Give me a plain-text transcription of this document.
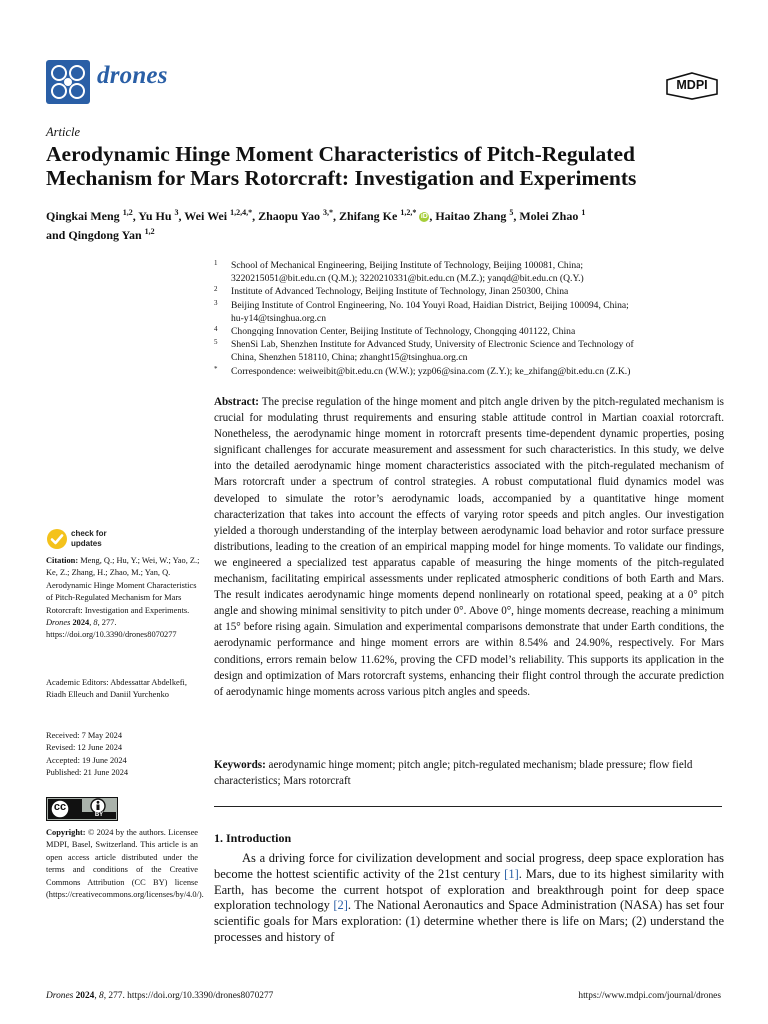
drones	MDPI
Article
Aerodynamic Hinge Moment Characteristics of Pitch-Regulated Mechanism for Mars Rotorcraft: Investigation and Experiments
Qingkai Meng $^{1,2}$, Yu Hu $^3$, Wei Wei $^{1,2,4,*}$, Zhaopu Yao $^{3,*}$, Zhifang Ke $^{1,2,*}$ iD , Haitao Zhang $^5$, Molei Zhao $^1$
and Qingdong Yan $^{1,2}$
1 School of Mechanical Engineering, Beijing Institute of Technology, Beijing 100081, China;
3220215051@bit.edu.cn (Q.M.); 3220210331@bit.edu.cn (M.Z.); yanqd@bit.edu.cn (Q.Y.)
2 Institute of Advanced Technology, Beijing Institute of Technology, Jinan 250300, China
3 Beijing Institute of Control Engineering, No. 104 Youyi Road, Haidian District, Beijing 100094, China;
hu-y14@tsinghua.org.cn
4 Chongqing Innovation Center, Beijing Institute of Technology, Chongqing 401122, China
5 ShenSi Lab, Shenzhen Institute for Advanced Study, University of Electronic Science and Technology of
China, Shenzhen 518110, China; zhanght15@tsinghua.org.cn
* Correspondence: weiweibit@bit.edu.cn (W.W.); yzp06@sina.com (Z.Y.); ke_zhifang@bit.edu.cn (Z.K.)
Abstract: The precise regulation of the hinge moment and pitch angle driven by the pitch-regulated mechanism is crucial for modulating thrust requirements and ensuring stable attitude control in Martian coaxial rotorcraft. Nonetheless, the aerodynamic hinge moment in rotorcraft presents time-dependent dynamic properties, posing significant challenges for accurate measurement and assessment for such characteristics. In this study, we delve into the detailed aerodynamic hinge moment characteristics associated with the pitch-regulated mechanism of Mars rotorcraft under a spectrum of control strategies. A robust computational fluid dynamics model was developed to simulate the rotor’s aerodynamic loads, accompanied by a quantitative hinge moment characterization that takes into account the effects of varying rotor speeds and pitch angles. Our investigation yielded a thorough understanding of the interplay between aerodynamic load behavior and rotor surface pressure distributions, leading to the creation of an empirical mapping model for hinge moments. To validate our findings, we engineered a specialized test apparatus capable of measuring the hinge moments of the pitch-regulated mechanism, facilitating empirical assessments under replicated atmospheric conditions of both Earth and Mars. The result indicates aerodynamic hinge moments depend nonlinearly on rotational speed, peaking at a 0° pitch angle and showing minimal sensitivity to pitch under 0°. Above 0°, hinge moments decrease, reaching a minimum at 15° before rising again. Simulation and experimental comparisons demonstrate that under Earth conditions, the aerodynamic performance and hinge moment errors are within 8.54% and 24.90%, respectively. For Mars conditions, errors remain below 11.62%, proving the CFD model’s reliability. This supports its application in the design and optimization of Mars rotorcraft systems, enhancing their flight control through the accurate prediction of aerodynamic hinge moments across various pitch angles and speeds.
Keywords: aerodynamic hinge moment; pitch angle; pitch-regulated mechanism; blade pressure; flow field characteristics; Mars rotorcraft
1. Introduction
As a driving force for civilization development and social progress, deep space exploration has become the hottest scientific activity of the 21st century [1]. Mars, due to its highest similarity with Earth, has become the current hotspot of exploration and breakthrough point for deep space exploration technology [2]. The National Aeronautics and Space Administration (NASA) has set four scientific goals for Mars exploration: (1) determine whether there is life on Mars; (2) understand the processes and history of
check for
updates
Citation: Meng, Q.; Hu, Y.; Wei, W.; Yao, Z.; Ke, Z.; Zhang, H.; Zhao, M.; Yan, Q. Aerodynamic Hinge Moment Characteristics of Pitch-Regulated Mechanism for Mars Rotorcraft: Investigation and Experiments. Drones 2024, 8, 277. https://doi.org/10.3390/drones8070277
Academic Editors: Abdessattar Abdelkefi, Riadh Elleuch and Daniil Yurchenko
Received: 7 May 2024
Revised: 12 June 2024
Accepted: 19 June 2024
Published: 21 June 2024
cc
BY
Copyright: © 2024 by the authors. Licensee MDPI, Basel, Switzerland. This article is an open access article distributed under the terms and conditions of the Creative Commons Attribution (CC BY) license (https://creativecommons.org/licenses/by/4.0/).
Drones 2024, 8, 277. https://doi.org/10.3390/drones8070277	https://www.mdpi.com/journal/drones
